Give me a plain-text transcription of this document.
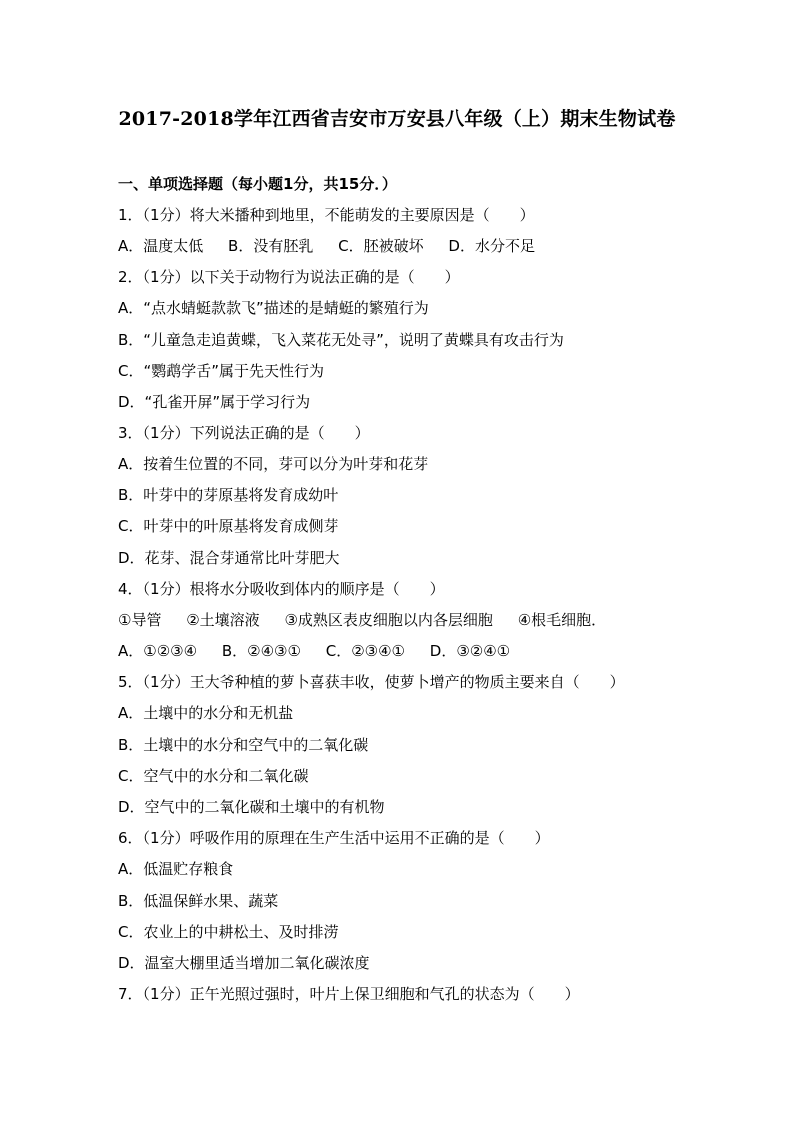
2017-2018学年江西省吉安市万安县八年级（上）期末生物试卷
一、单项选择题（每小题1分，共15分．）
1．（1分）将大米播种到地里，不能萌发的主要原因是（　　）
A．温度太低 B．没有胚乳 C．胚被破坏 D．水分不足
2．（1分）以下关于动物行为说法正确的是（　　）
A．“点水蜻蜓款款飞”描述的是蜻蜓的繁殖行为
B．“儿童急走追黄蝶，飞入菜花无处寻”，说明了黄蝶具有攻击行为
C．“鹦鹉学舌”属于先天性行为
D．“孔雀开屏”属于学习行为
3．（1分）下列说法正确的是（　　）
A．按着生位置的不同，芽可以分为叶芽和花芽
B．叶芽中的芽原基将发育成幼叶
C．叶芽中的叶原基将发育成侧芽
D．花芽、混合芽通常比叶芽肥大
4．（1分）根将水分吸收到体内的顺序是（　　）
①导管 ②土壤溶液 ③成熟区表皮细胞以内各层细胞 ④根毛细胞．
A．①②③④ B．②④③① C．②③④① D．③②④①
5．（1分）王大爷种植的萝卜喜获丰收，使萝卜增产的物质主要来自（　　）
A．土壤中的水分和无机盐
B．土壤中的水分和空气中的二氧化碳
C．空气中的水分和二氧化碳
D．空气中的二氧化碳和土壤中的有机物
6．（1分）呼吸作用的原理在生产生活中运用不正确的是（　　）
A．低温贮存粮食
B．低温保鲜水果、蔬菜
C．农业上的中耕松土、及时排涝
D．温室大棚里适当增加二氧化碳浓度
7．（1分）正午光照过强时，叶片上保卫细胞和气孔的状态为（　　）
